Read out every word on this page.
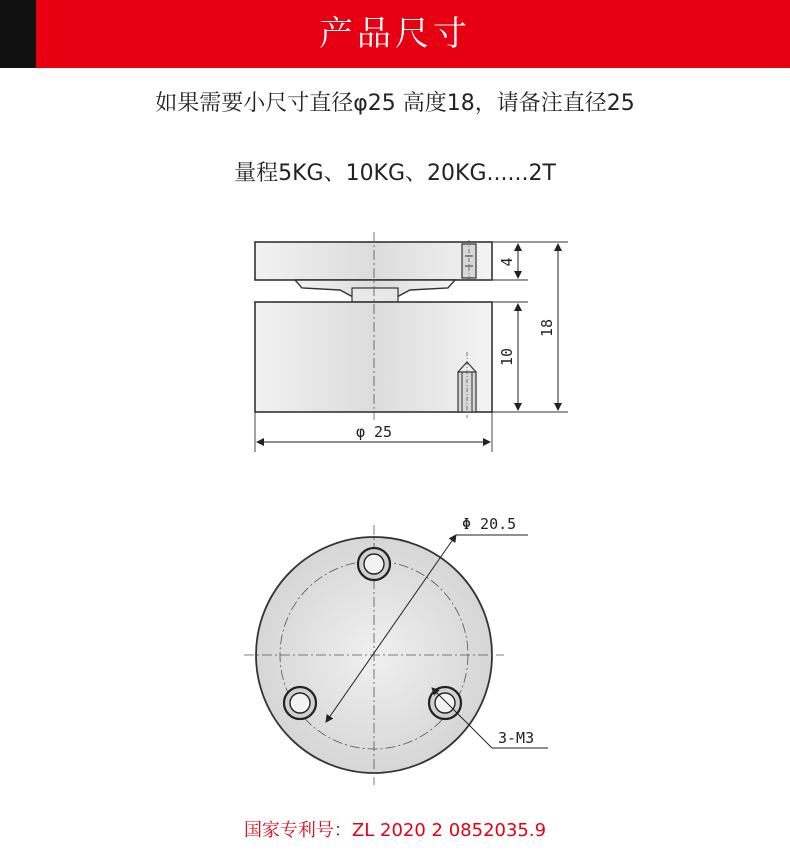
产品尺寸
如果需要小尺寸直径φ25 高度18，请备注直径25
量程5KG、10KG、20KG......2T
4
10
18
φ 25
Φ 20.5
3-M3
国家专利号：ZL 2020 2 0852035.9
